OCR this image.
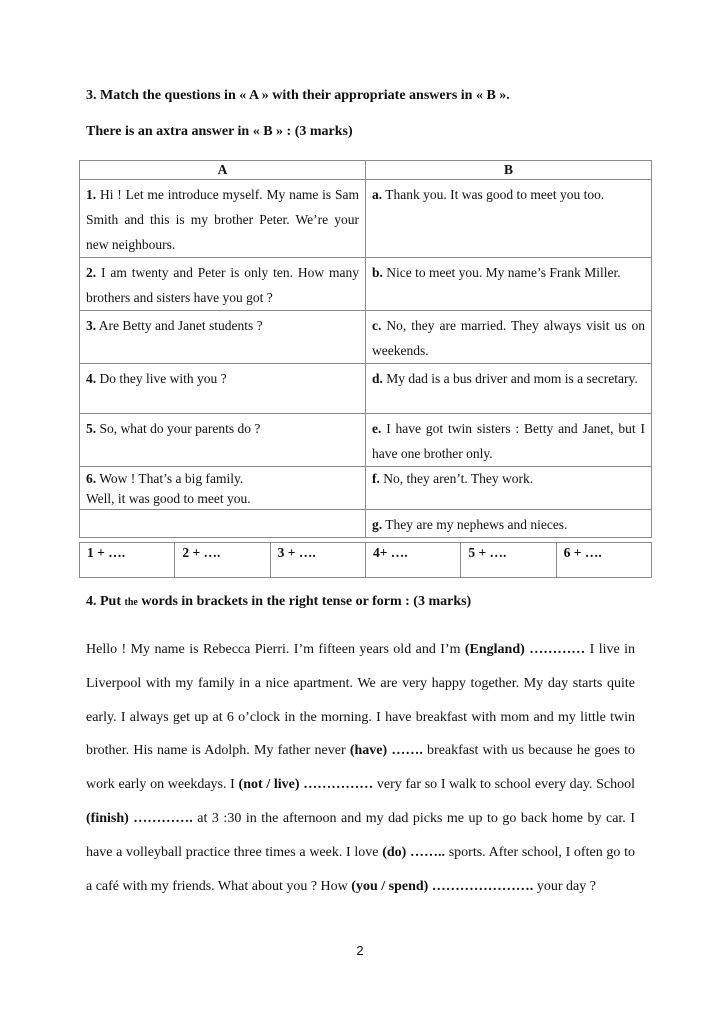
3. Match the questions in « A » with their appropriate answers in « B ».
There is an axtra answer in « B » : (3 marks)
A	B
1. Hi ! Let me introduce myself. My name is Sam Smith and this is my brother Peter. We’re your new neighbours.	a. Thank you. It was good to meet you too.
2. I am twenty and Peter is only ten. How many brothers and sisters have you got ?	b. Nice to meet you. My name’s Frank Miller.
3. Are Betty and Janet students ?	c. No, they are married. They always visit us on weekends.
4. Do they live with you ?	d. My dad is a bus driver and mom is a secretary.
5. So, what do your parents do ?	e. I have got twin sisters : Betty and Janet, but I have one brother only.
6. Wow ! That’s a big family.
Well, it was good to meet you.	f. No, they aren’t. They work.
	g. They are my nephews and nieces.
1 + ….	2 + ….	3 + ….	4+ ….	5 + ….	6 + ….
4. Put the words in brackets in the right tense or form : (3 marks)
Hello ! My name is Rebecca Pierri. I’m fifteen years old and I’m (England) ………… I live in Liverpool with my family in a nice apartment. We are very happy together. My day starts quite early. I always get up at 6 o’clock in the morning. I have breakfast with mom and my little twin brother. His name is Adolph. My father never (have) ……. breakfast with us because he goes to work early on weekdays. I (not / live) …………… very far so I walk to school every day. School (finish) …………. at 3 :30 in the afternoon and my dad picks me up to go back home by car. I have a volleyball practice three times a week. I love (do) …….. sports. After school, I often go to a café with my friends. What about you ? How (you / spend) …………………. your day ?
2
